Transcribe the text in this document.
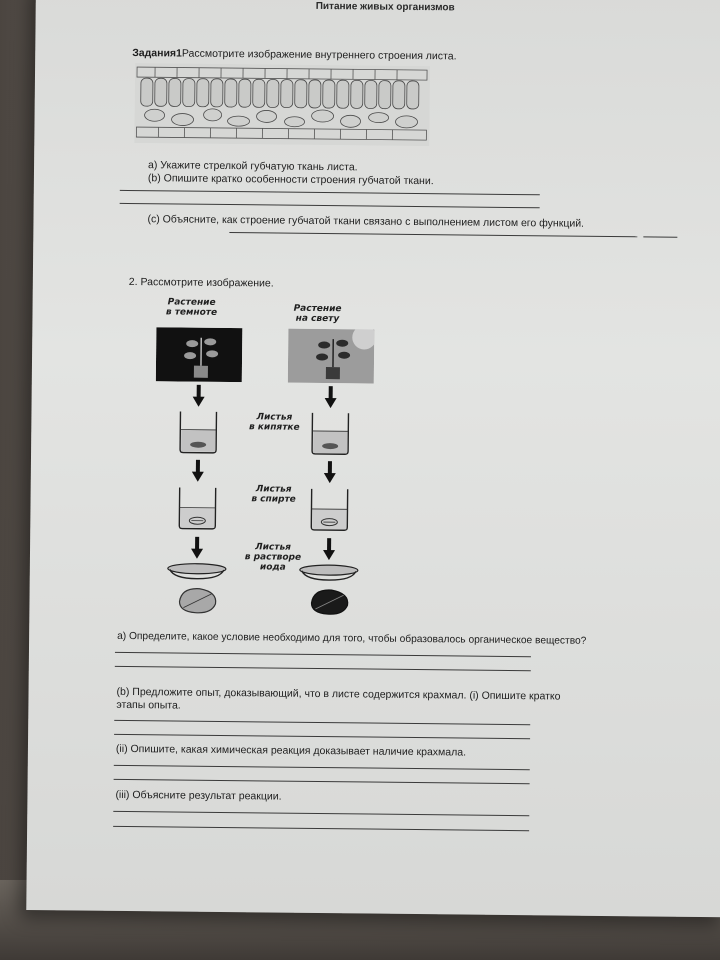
Питание живых организмов
Задания1Рассмотрите изображение внутреннего строения листа.
a) Укажите стрелкой губчатую ткань листа.
(b) Опишите кратко особенности строения губчатой ткани.
(c) Объясните, как строение губчатой ткани связано с выполнением листом его функций.
2. Рассмотрите изображение.
Растение
в темноте	Растение
на свету
Листья
в кипятке
Листья
в спирте
Листья
в растворе
иода
а) Определите, какое условие необходимо для того, чтобы образовалось органическое вещество?
(b) Предложите опыт, доказывающий, что в листе содержится крахмал. (i) Опишите кратко
этапы опыта.
(ii) Опишите, какая химическая реакция доказывает наличие крахмала.
(iii) Объясните результат реакции.
